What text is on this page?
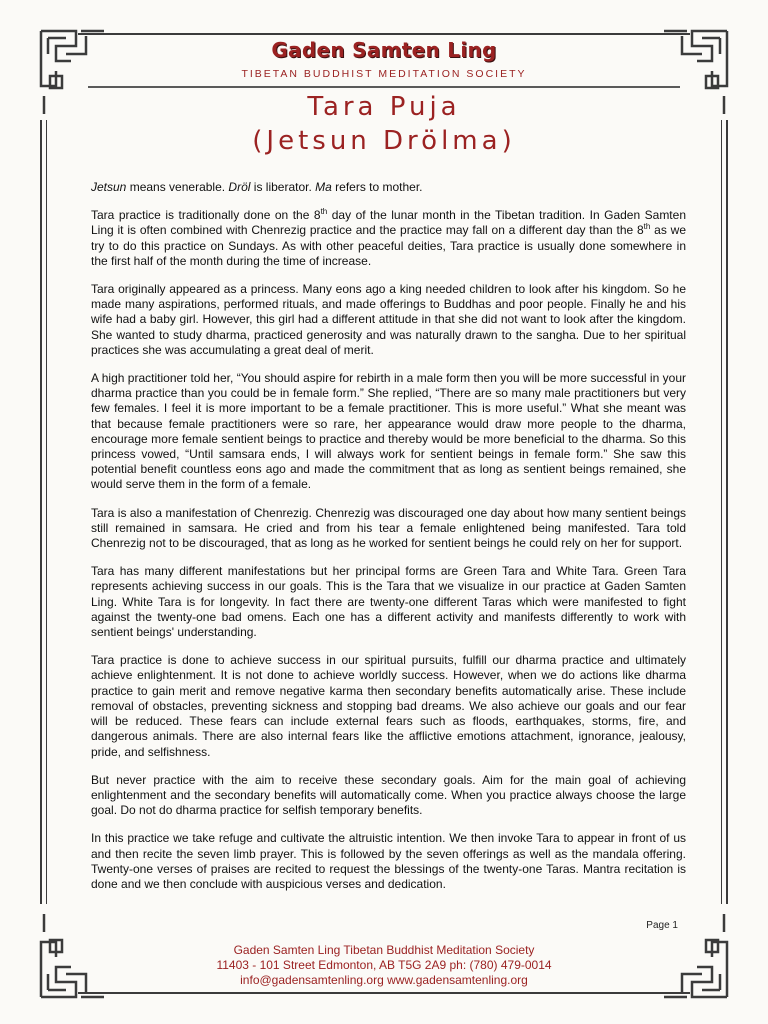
Gaden Samten Ling
TIBETAN BUDDHIST MEDITATION SOCIETY
Tara Puja
(Jetsun Drölma)

Jetsun means venerable. Dröl is liberator. Ma refers to mother.

Tara practice is traditionally done on the 8th day of the lunar month in the Tibetan tradition. In Gaden Samten Ling it is often combined with Chenrezig practice and the practice may fall on a different day than the 8th as we try to do this practice on Sundays. As with other peaceful deities, Tara practice is usually done somewhere in the first half of the month during the time of increase.

Tara originally appeared as a princess. Many eons ago a king needed children to look after his kingdom. So he made many aspirations, performed rituals, and made offerings to Buddhas and poor people. Finally he and his wife had a baby girl. However, this girl had a different attitude in that she did not want to look after the kingdom. She wanted to study dharma, practiced generosity and was naturally drawn to the sangha. Due to her spiritual practices she was accumulating a great deal of merit.

A high practitioner told her, “You should aspire for rebirth in a male form then you will be more successful in your dharma practice than you could be in female form.” She replied, “There are so many male practitioners but very few females. I feel it is more important to be a female practitioner. This is more useful.” What she meant was that because female practitioners were so rare, her appearance would draw more people to the dharma, encourage more female sentient beings to practice and thereby would be more beneficial to the dharma. So this princess vowed, “Until samsara ends, I will always work for sentient beings in female form.” She saw this potential benefit countless eons ago and made the commitment that as long as sentient beings remained, she would serve them in the form of a female.

Tara is also a manifestation of Chenrezig. Chenrezig was discouraged one day about how many sentient beings still remained in samsara. He cried and from his tear a female enlightened being manifested. Tara told Chenrezig not to be discouraged, that as long as he worked for sentient beings he could rely on her for support.

Tara has many different manifestations but her principal forms are Green Tara and White Tara. Green Tara represents achieving success in our goals. This is the Tara that we visualize in our practice at Gaden Samten Ling. White Tara is for longevity. In fact there are twenty-one different Taras which were manifested to fight against the twenty-one bad omens. Each one has a different activity and manifests differently to work with sentient beings' understanding.

Tara practice is done to achieve success in our spiritual pursuits, fulfill our dharma practice and ultimately achieve enlightenment. It is not done to achieve worldly success. However, when we do actions like dharma practice to gain merit and remove negative karma then secondary benefits automatically arise. These include removal of obstacles, preventing sickness and stopping bad dreams. We also achieve our goals and our fear will be reduced. These fears can include external fears such as floods, earthquakes, storms, fire, and dangerous animals. There are also internal fears like the afflictive emotions attachment, ignorance, jealousy, pride, and selfishness.

But never practice with the aim to receive these secondary goals. Aim for the main goal of achieving enlightenment and the secondary benefits will automatically come. When you practice always choose the large goal. Do not do dharma practice for selfish temporary benefits.

In this practice we take refuge and cultivate the altruistic intention. We then invoke Tara to appear in front of us and then recite the seven limb prayer. This is followed by the seven offerings as well as the mandala offering. Twenty-one verses of praises are recited to request the blessings of the twenty-one Taras. Mantra recitation is done and we then conclude with auspicious verses and dedication.

Page 1
Gaden Samten Ling Tibetan Buddhist Meditation Society
11403 - 101 Street Edmonton, AB T5G 2A9 ph: (780) 479-0014
info@gadensamtenling.org www.gadensamtenling.org
